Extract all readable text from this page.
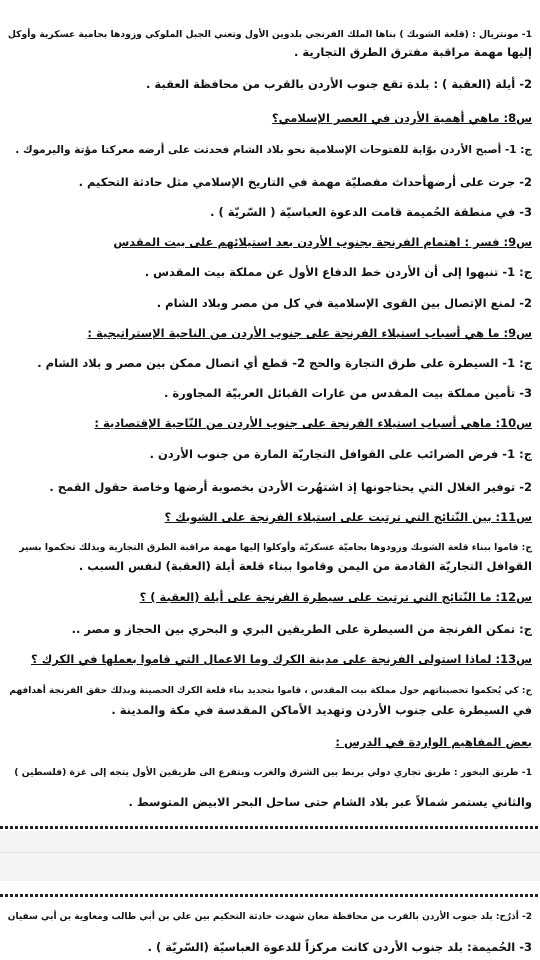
1- مونتريال : (قلعة الشوبك ) بناها الملك الفرنجي بلدوين الأول وتعني الجبل الملوكي وزودها بحامية عسكرية وأوكل
إليها مهمة مراقبة مفترق الطرق التجارية .
2- أيلة (العقبة ) : بلدة تقع جنوب الأردن بالقرب من محافظة العقبة .
س8: ماهي أهمية الأردن في العصر الإسلامي؟
ج: 1- أصبح الأردن بوّابة للفتوحات الإسلامية نحو بلاد الشام فحدثت على أرضه معركتا مؤتة واليرموك .
2- جرت على أرضهأحداث مفصليّة مهمة في التاريخ الإسلامي مثل حادثة التحكيم .
3- في منطقة الحُميمة قامت الدعوة العباسيّة ( السّريّة ) .
س9: فسر : اهتمام الفرنجة بجنوب الأردن بعد استيلائهم على بيت المقدس
ج: 1- تنبهوا إلى أن الأردن خط الدفاع الأول عن مملكة بيت المقدس .
2- لمنع الإتصال بين القوى الإسلامية في كل من مصر وبلاد الشام .
س9: ما هي أسباب استيلاء الفرنجة على جنوب الأردن من الناحية الإستراتيجية :
ج: 1- السيطرة على طرق التجارة والحج 2- قطع أي اتصال ممكن بين مصر و بلاد الشام .
3- تأمين مملكة بيت المقدس من غارات القبائل العربيّة المجاورة .
س10: ماهي أسباب استيلاء الفرنجة على جنوب الأردن من النّاحية الإقتصادية :
ج: 1- فرض الضرائب على القوافل التجاريّة المارة من جنوب الأردن .
2- توفير الغلال التي يحتاجونها إذ اشتهُرت الأردن بخصوبة أرضها وخاصة حقول القمح .
س11: بين النّتائج التي ترتبت على استيلاء الفرنجة على الشوبك ؟
ج: قاموا ببناء قلعة الشوبك وزودوها بحاميّة عسكريّة وأوكلوا إليها مهمة مراقبة الطرق التجارية وبذلك تحكموا بسير
القوافل التجاريّة القادمة من اليمن وقاموا ببناء قلعة أيلة (العقبة) لنفس السبب .
س12: ما النّتائج التي ترتبت على سيطرة الفرنجة على أيلة (العقبة ) ؟
ج: تمكن الفرنجة من السيطرة على الطريقين البري و البحري بين الحجاز و مصر ..
س13: لماذا استولى الفرنجة على مدينة الكرك وما الاعمال التي قاموا بعملها في الكرك ؟
ج: كي يُحكموا تحصيناتهم حول مملكة بيت المقدس ، قاموا بتجديد بناء قلعة الكرك الحصينة وبذلك حقق الفرنجة أهدافهم
في السيطرة على جنوب الأردن وتهديد الأماكن المقدسة في مكة والمدينة .
بعض المفاهيم الواردة في الدرس :
1- طريق البخور : طريق تجاري دولي يربط بين الشرق والغرب ويتفرع الى طريقين الأول يتجه إلى غزة (فلسطين )
والثاني يستمر شمالاً عبر بلاد الشام حتى ساحل البحر الابيض المتوسط .
2- أذرُح: بلد جنوب الأردن بالقرب من محافظة معان شهدت حادثة التحكيم بين علي بن أبي طالب ومعاوية بن أبي سفيان
3- الحُميمة: بلد جنوب الأردن كانت مركزاً للدعوة العباسيّة (السّريّة ) .
